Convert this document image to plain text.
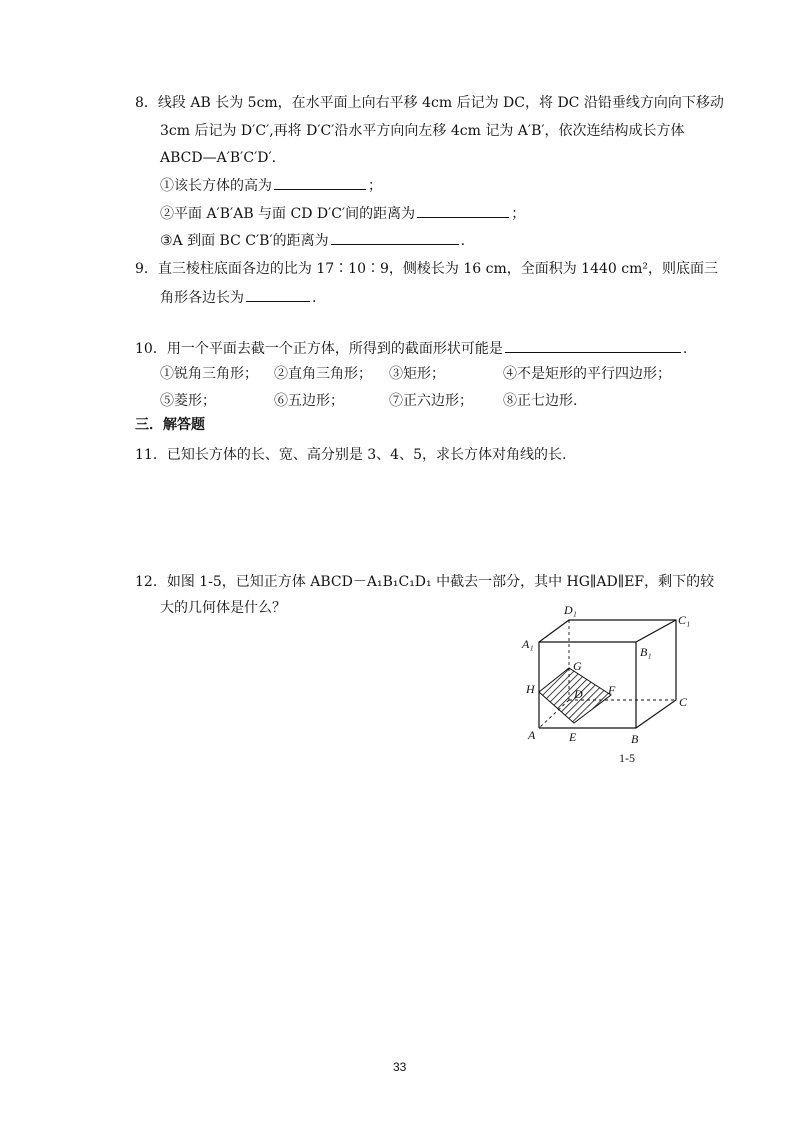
8．线段 AB 长为 5cm，在水平面上向右平移 4cm 后记为 DC，将 DC 沿铅垂线方向向下移动
3cm 后记为 D′C′,再将 D′C′沿水平方向向左移 4cm 记为 A′B′，依次连结构成长方体
ABCD—A′B′C′D′.
①该长方体的高为	；
②平面 A′B′AB 与面 CD D′C′间的距离为	；
③A 到面 BC C′B′的距离为	.
9．直三棱柱底面各边的比为 17∶10∶9，侧棱长为 16 cm，全面积为 1440 cm²，则底面三
角形各边长为	.
10．用一个平面去截一个正方体，所得到的截面形状可能是	.
①锐角三角形； ②直角三角形； ③矩形；	④不是矩形的平行四边形；
⑤菱形；	⑥五边形；	⑦正六边形； ⑧正七边形.
三．解答题
11．已知长方体的长、宽、高分别是 3、4、5，求长方体对角线的长.
12．如图 1-5，已知正方体 ABCD－A₁B₁C₁D₁ 中截去一部分，其中 HG∥AD∥EF，剩下的较
大的几何体是什么？	D₁
C₁
A₁
B₁
G
H	D F
C
A	E	B
1-5
33
